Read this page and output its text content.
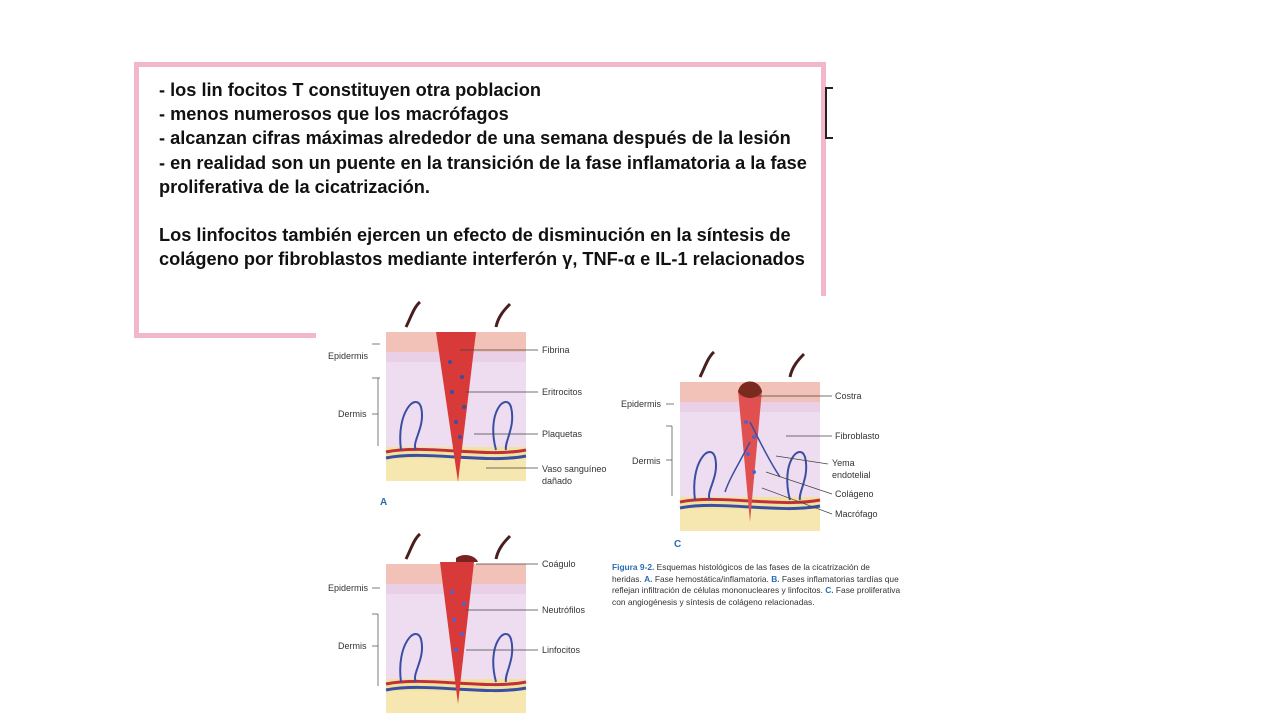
- los lin focitos T constituyen otra poblacion
- menos numerosos que los macrófagos
- alcanzan cifras máximas alrededor de una semana después de la lesión
- en realidad son un puente en la transición de la fase inflamatoria a la fase proliferativa de la cicatrización.
Los linfocitos también ejercen un efecto de disminución en la síntesis de colágeno por fibroblastos mediante interferón γ, TNF-α e IL-1 relacionados
Epidermis
Dermis
Fibrina
Eritrocitos
Plaquetas
Vaso sanguíneo
dañado
A
Epidermis
Dermis
Coágulo
Neutrófilos
Linfocitos
Epidermis
Dermis
Costra
Fibroblasto
Yema
endotelial
Colágeno
Macrófago
C
Figura 9-2. Esquemas histológicos de las fases de la cicatrización de heridas. A. Fase hemostática/inflamatoria. B. Fases inflamatorias tardías que reflejan infiltración de células mononucleares y linfocitos. C. Fase proliferativa con angiogénesis y síntesis de colágeno relacionadas.
